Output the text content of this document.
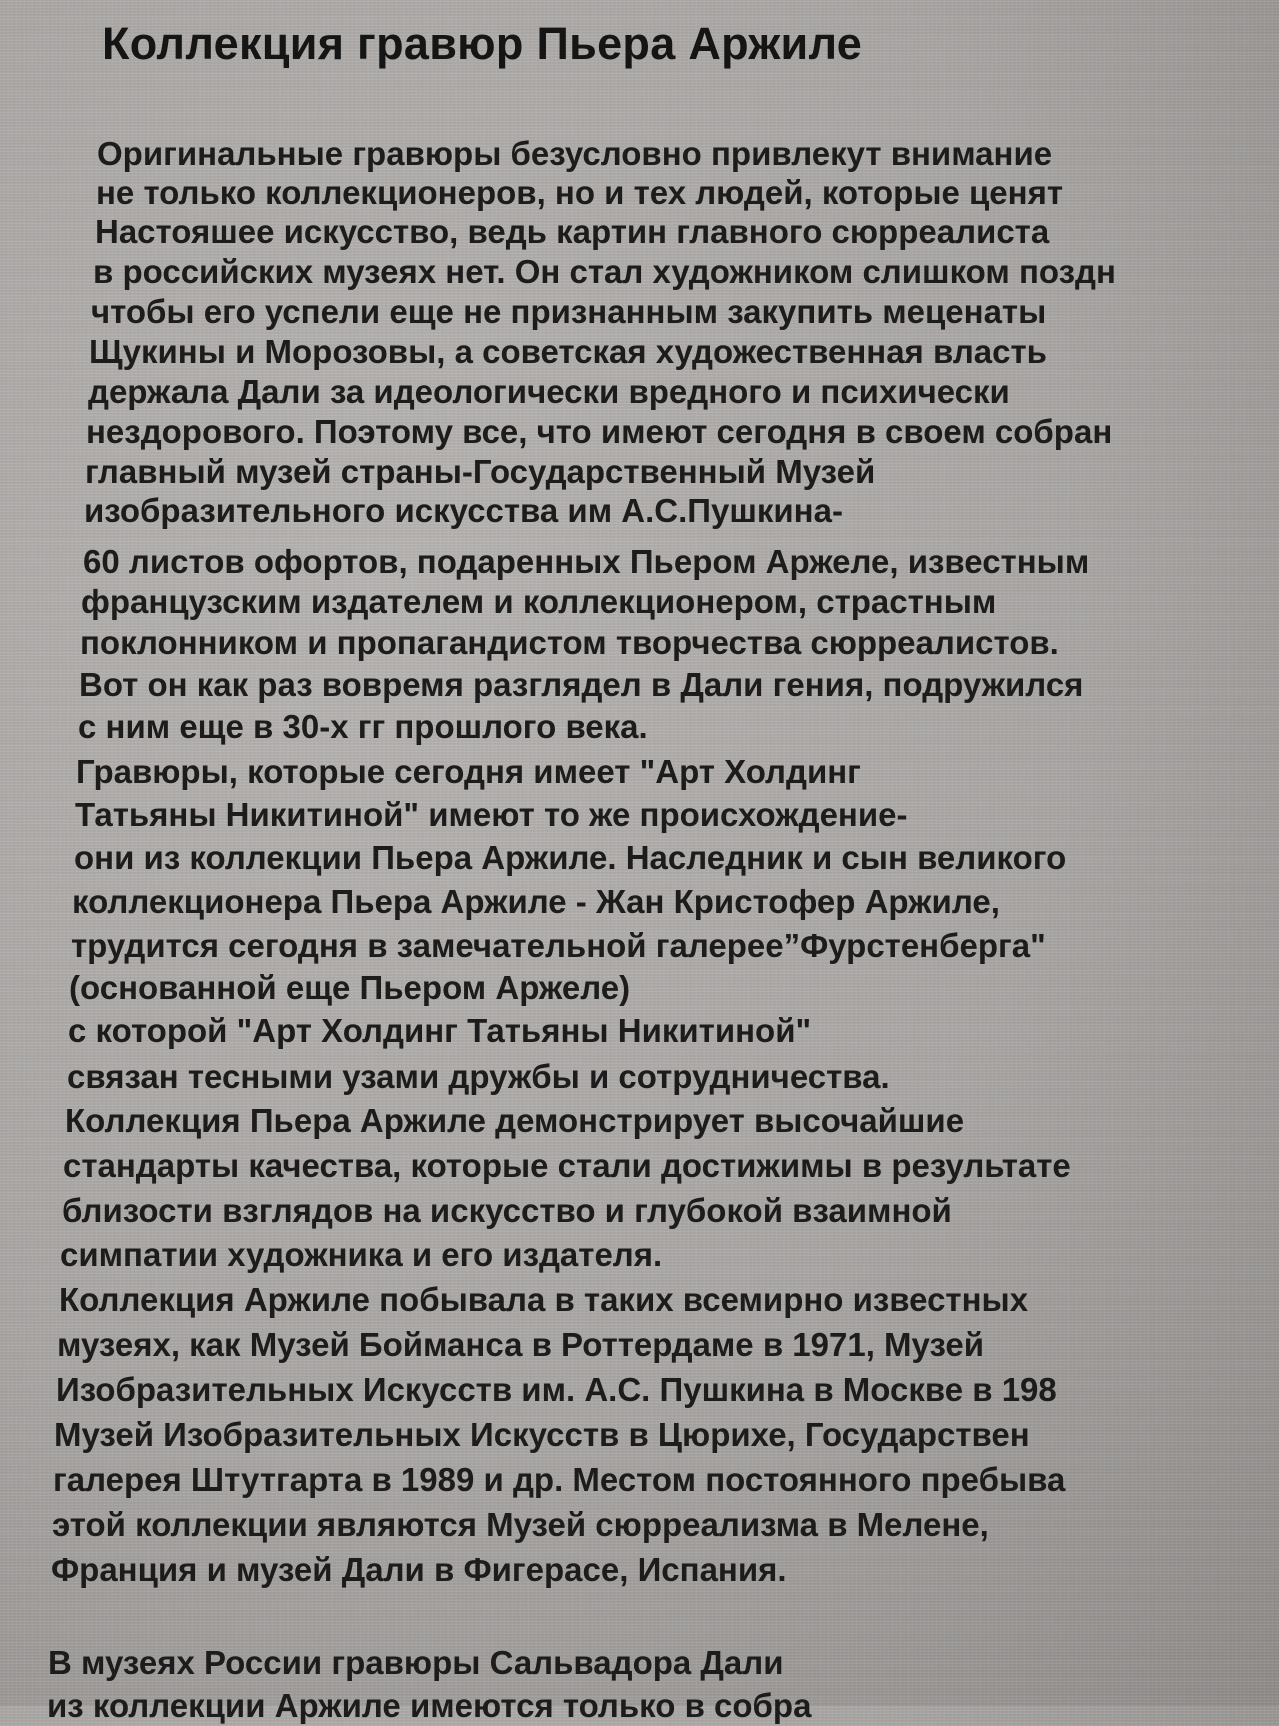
Коллекция гравюр Пьера Аржиле
Оригинальные гравюры безусловно привлекут внимание
не только коллекционеров, но и тех людей, которые ценят
Настояшее искусство, ведь картин главного сюрреалиста
в российских музеях нет. Он стал художником слишком поздн
чтобы его успели еще не признанным закупить меценаты
Щукины и Морозовы, а советская художественная власть
держала Дали за идеологически вредного и психически
нездорового. Поэтому все, что имеют сегодня в своем собран
главный музей страны-Государственный Музей
изобразительного искусства им А.С.Пушкина-
60 листов офортов, подаренных Пьером Аржеле, известным
французским издателем и коллекционером, страстным
поклонником и пропагандистом творчества сюрреалистов.
Вот он как раз вовремя разглядел в Дали гения, подружился
с ним еще в 30-х гг прошлого века.
Гравюры, которые сегодня имеет "Арт Холдинг
Татьяны Никитиной" имеют то же происхождение-
они из коллекции Пьера Аржиле. Наследник и сын великого
коллекционера Пьера Аржиле - Жан Кристофер Аржиле,
трудится сегодня в замечательной галерее”Фурстенберга"
(основанной еще Пьером Аржеле)
с которой "Арт Холдинг Татьяны Никитиной"
связан тесными узами дружбы и сотрудничества.
Коллекция Пьера Аржиле демонстрирует высочайшие
стандарты качества, которые стали достижимы в результате
близости взглядов на искусство и глубокой взаимной
симпатии художника и его издателя.
Коллекция Аржиле побывала в таких всемирно известных
музеях, как Музей Бойманса в Роттердаме в 1971, Музей
Изобразительных Искусств им. А.С. Пушкина в Москве в 198
Музей Изобразительных Искусств в Цюрихе, Государствен
галерея Штутгарта в 1989 и др. Местом постоянного пребыва
этой коллекции являются Музей сюрреализма в Мелене,
Франция и музей Дали в Фигерасе, Испания.
В музеях России гравюры Сальвадора Дали
из коллекции Аржиле имеются только в собра
